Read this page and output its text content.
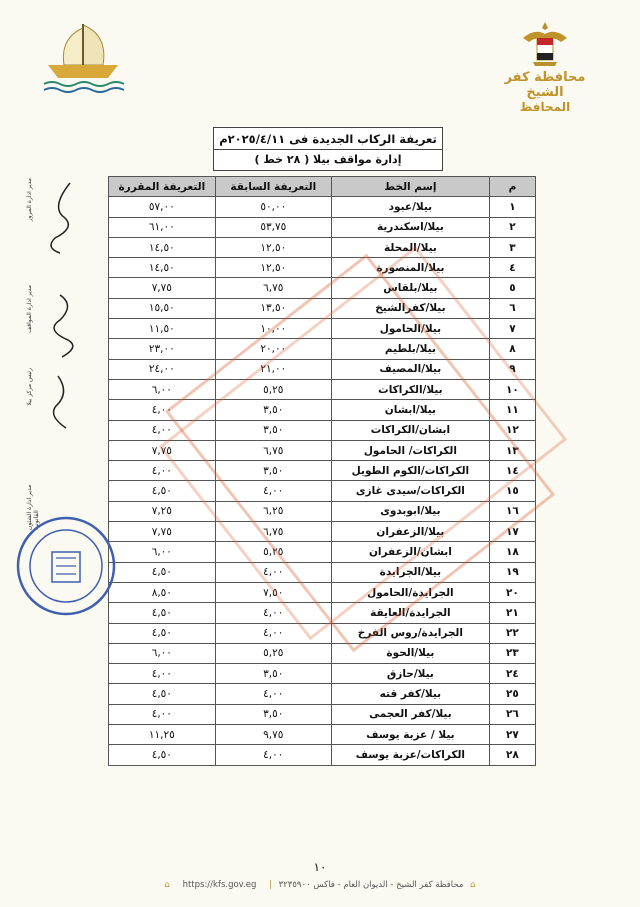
محافظة كفر الشيخ
المحافظ
تعريفة الركاب الجديدة فى ٢٠٢٥/٤/١١م
إدارة مواقف بيلا ( ٢٨ خط )
م	إسم الخط	التعريفة السابقة	التعريفة المقررة
١	بيلا/عبود	٥٠,٠٠	٥٧,٠٠
٢	بيلا/اسكندرية	٥٣,٧٥	٦١,٠٠
٣	بيلا/المحلة	١٢,٥٠	١٤,٥٠
٤	بيلا/المنصورة	١٢,٥٠	١٤,٥٠
٥	بيلا/بلقاس	٦,٧٥	٧,٧٥
٦	بيلا/كفرالشيخ	١٣,٥٠	١٥,٥٠
٧	بيلا/الحامول	١٠,٠٠	١١,٥٠
٨	بيلا/بلطيم	٢٠,٠٠	٢٣,٠٠
٩	بيلا/المصيف	٢١,٠٠	٢٤,٠٠
١٠	بيلا/الكراكات	٥,٢٥	٦,٠٠
١١	بيلا/ابشان	٣,٥٠	٤,٠٠
١٢	ابشان/الكراكات	٣,٥٠	٤,٠٠
١٣	الكراكات/ الحامول	٦,٧٥	٧,٧٥
١٤	الكراكات/الكوم الطويل	٣,٥٠	٤,٠٠
١٥	الكراكات/سيدى غازى	٤,٠٠	٤,٥٠
١٦	بيلا/ابوبدوى	٦,٢٥	٧,٢٥
١٧	بيلا/الزعفران	٦,٧٥	٧,٧٥
١٨	ابشان/الزعفران	٥,٢٥	٦,٠٠
١٩	بيلا/الجرايدة	٤,٠٠	٤,٥٠
٢٠	الجرايدة/الحامول	٧,٥٠	٨,٥٠
٢١	الجرايدة/العايقة	٤,٠٠	٤,٥٠
٢٢	الجرايدة/روس الفرخ	٤,٠٠	٤,٥٠
٢٣	بيلا/الحوة	٥,٢٥	٦,٠٠
٢٤	بيلا/حازق	٣,٥٠	٤,٠٠
٢٥	بيلا/كفر قته	٤,٠٠	٤,٥٠
٢٦	بيلا/كفر العجمى	٣,٥٠	٤,٠٠
٢٧	بيلا / عزبة يوسف	٩,٧٥	١١,٢٥
٢٨	الكراكات/عزبة يوسف	٤,٠٠	٤,٥٠
مدير ادارة المرور
مدير ادارة المواقف
رئيس مركز بيلا
مدير ادارة الشئون القانونية
١٠
⌂ محافظة كفر الشيخ - الديوان العام - فاكس ٣٢٣٥٩٠٠ | https://kfs.gov.eg ⌂
